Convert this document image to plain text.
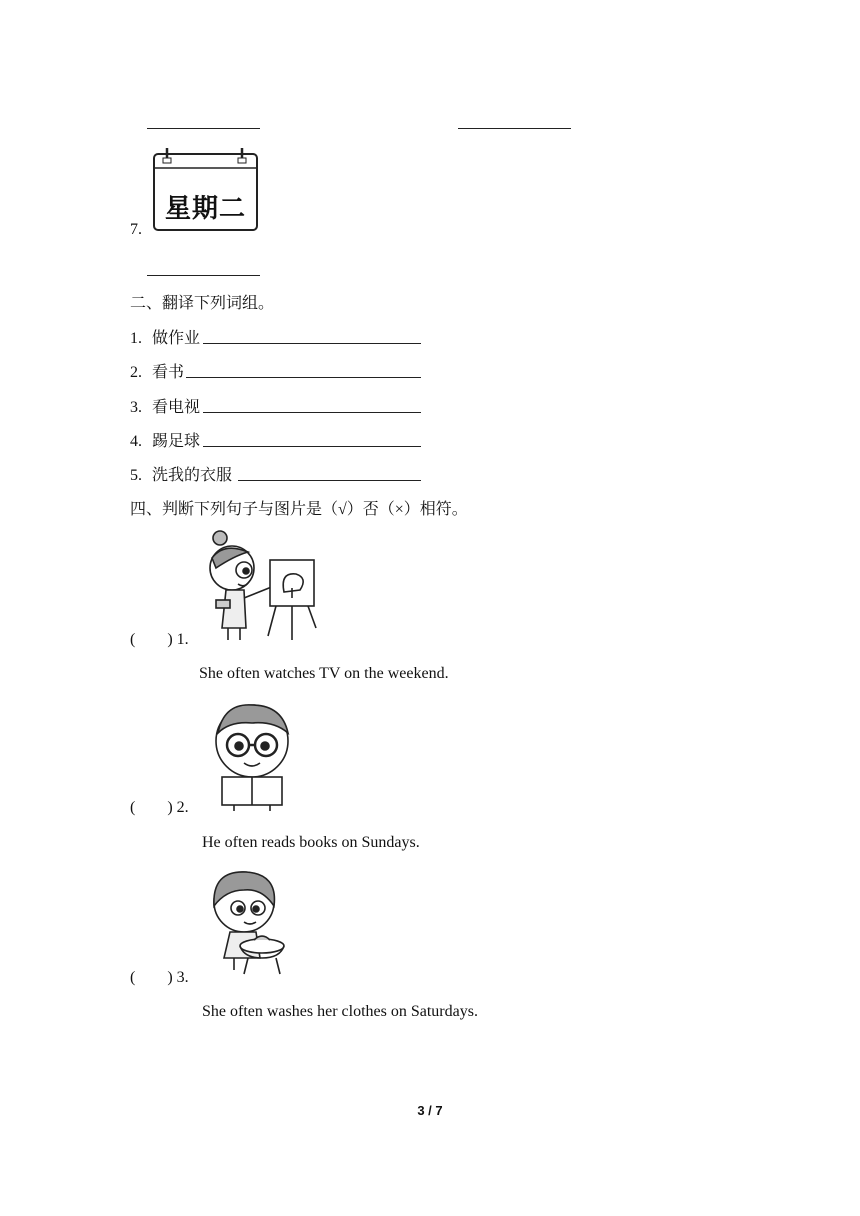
7.
星期二
二、翻译下列词组。
1. 做作业
2. 看书
3. 看电视
4. 踢足球
5. 洗我的衣服
四、判断下列句子与图片是（√）否（×）相符。
(        ) 1.
She often watches TV on the weekend.
(        ) 2.
He often reads books on Sundays.
(        ) 3.
She often washes her clothes on Saturdays.
3 / 7
